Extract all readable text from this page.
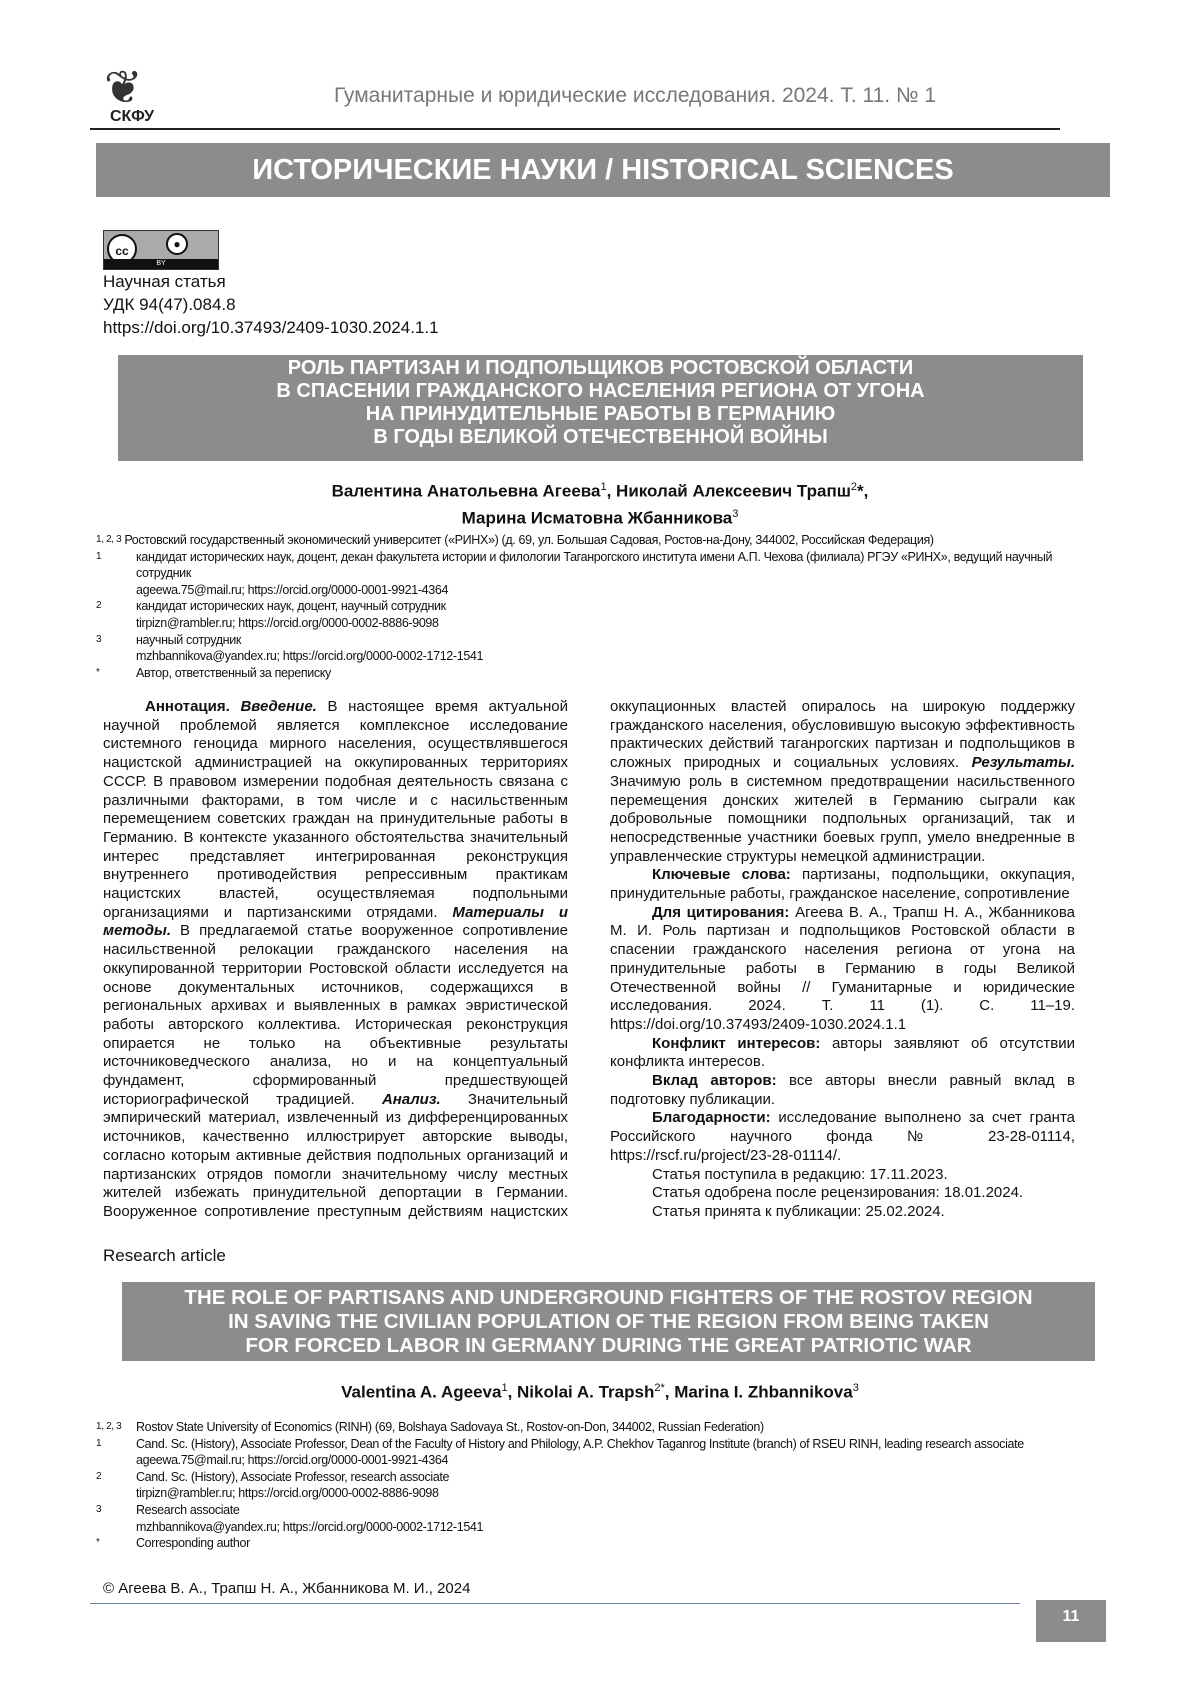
❦
СКФУ
Гуманитарные и юридические исследования. 2024. Т. 11. № 1
ИСТОРИЧЕСКИЕ НАУКИ / HISTORICAL SCIENCES
cc	●
BY
Научная статья
УДК 94(47).084.8
https://doi.org/10.37493/2409-1030.2024.1.1
РОЛЬ ПАРТИЗАН И ПОДПОЛЬЩИКОВ РОСТОВСКОЙ ОБЛАСТИ
В СПАСЕНИИ ГРАЖДАНСКОГО НАСЕЛЕНИЯ РЕГИОНА ОТ УГОНА
НА ПРИНУДИТЕЛЬНЫЕ РАБОТЫ В ГЕРМАНИЮ
В ГОДЫ ВЕЛИКОЙ ОТЕЧЕСТВЕННОЙ ВОЙНЫ
Валентина Анатольевна Агеева1, Николай Алексеевич Трапш2*,
Марина Исматовна Жбанникова3
1, 2, 3 Ростовский государственный экономический университет («РИНХ») (д. 69, ул. Большая Садовая, Ростов-на-Дону, 344002, Российская Федерация)
1	кандидат исторических наук, доцент, декан факультета истории и филологии Таганрогского института имени А.П. Чехова (филиала) РГЭУ «РИНХ», ведущий научный сотрудник
ageewa.75@mail.ru; https://orcid.org/0000-0001-9921-4364
2	кандидат исторических наук, доцент, научный сотрудник
tirpizn@rambler.ru; https://orcid.org/0000-0002-8886-9098
3	научный сотрудник
mzhbannikova@yandex.ru; https://orcid.org/0000-0002-1712-1541
*	Автор, ответственный за переписку

Аннотация. Введение. В настоящее время актуальной научной проблемой является комплексное исследование системного геноцида мирного населения, осуществлявшегося нацистской администрацией на оккупированных территориях СССР. В правовом измерении подобная деятельность связана с различными факторами, в том числе и с насильственным перемещением советских граждан на принудительные работы в Германию. В контексте указанного обстоятельства значительный интерес представляет интегрированная реконструкция внутреннего противодействия репрессивным практикам нацистских властей, осуществляемая подпольными организациями и партизанскими отрядами. Материалы и методы. В предлагаемой статье вооруженное сопротивление насильственной релокации гражданского населения на оккупированной территории Ростовской области исследуется на основе документальных источников, содержащихся в региональных архивах и выявленных в рамках эвристической работы авторского коллектива. Историческая реконструкция опирается не только на объективные результаты источниковедческого анализа, но и на концептуальный фундамент, сформированный предшествующей историографической традицией. Анализ. Значительный эмпирический материал, извлеченный из дифференцированных источников, качественно иллюстрирует авторские выводы, согласно которым активные действия подпольных организаций и партизанских отрядов помогли значительному числу местных жителей избежать принудительной депортации в Германии. Вооруженное сопротивление преступным действиям нацистских оккупационных властей опиралось на широкую поддержку гражданского населения, обусловившую высокую эффективность практических действий таганрогских партизан и подпольщиков в сложных природных и социальных условиях. Результаты. Значимую роль в системном предотвращении насильственного перемещения донских жителей в Германию сыграли как добровольные помощники подпольных организаций, так и непосредственные участники боевых групп, умело внедренные в управленческие структуры немецкой администрации.

Ключевые слова: партизаны, подпольщики, оккупация, принудительные работы, гражданское население, сопротивление

Для цитирования: Агеева В. А., Трапш Н. А., Жбанникова М. И. Роль партизан и подпольщиков Ростовской области в спасении гражданского населения региона от угона на принудительные работы в Германию в годы Великой Отечественной войны // Гуманитарные и юридические исследования. 2024. Т. 11 (1). С. 11–19. https://doi.org/10.37493/2409-1030.2024.1.1

Конфликт интересов: авторы заявляют об отсутствии конфликта интересов.

Вклад авторов: все авторы внесли равный вклад в подготовку публикации.

Благодарности: исследование выполнено за счет гранта Российского научного фонда № 23-28-01114, https://rscf.ru/project/23-28-01114/.

Статья поступила в редакцию: 17.11.2023.

Статья одобрена после рецензирования: 18.01.2024.

Статья принята к публикации: 25.02.2024.

Research article
THE ROLE OF PARTISANS AND UNDERGROUND FIGHTERS OF THE ROSTOV REGION
IN SAVING THE CIVILIAN POPULATION OF THE REGION FROM BEING TAKEN
FOR FORCED LABOR IN GERMANY DURING THE GREAT PATRIOTIC WAR
Valentina A. Ageeva1, Nikolai A. Trapsh2*, Marina I. Zhbannikova3
1, 2, 3	Rostov State University of Economics (RINH) (69, Bolshaya Sadovaya St., Rostov-on-Don, 344002, Russian Federation)
1	Cand. Sc. (History), Associate Professor, Dean of the Faculty of History and Philology, A.P. Chekhov Taganrog Institute (branch) of RSEU RINH, leading research associate
ageewa.75@mail.ru; https://orcid.org/0000-0001-9921-4364
2	Cand. Sc. (History), Associate Professor, research associate
tirpizn@rambler.ru; https://orcid.org/0000-0002-8886-9098
3	Research associate
mzhbannikova@yandex.ru; https://orcid.org/0000-0002-1712-1541
*	Corresponding author
© Агеева В. А., Трапш Н. А., Жбанникова М. И., 2024
11
